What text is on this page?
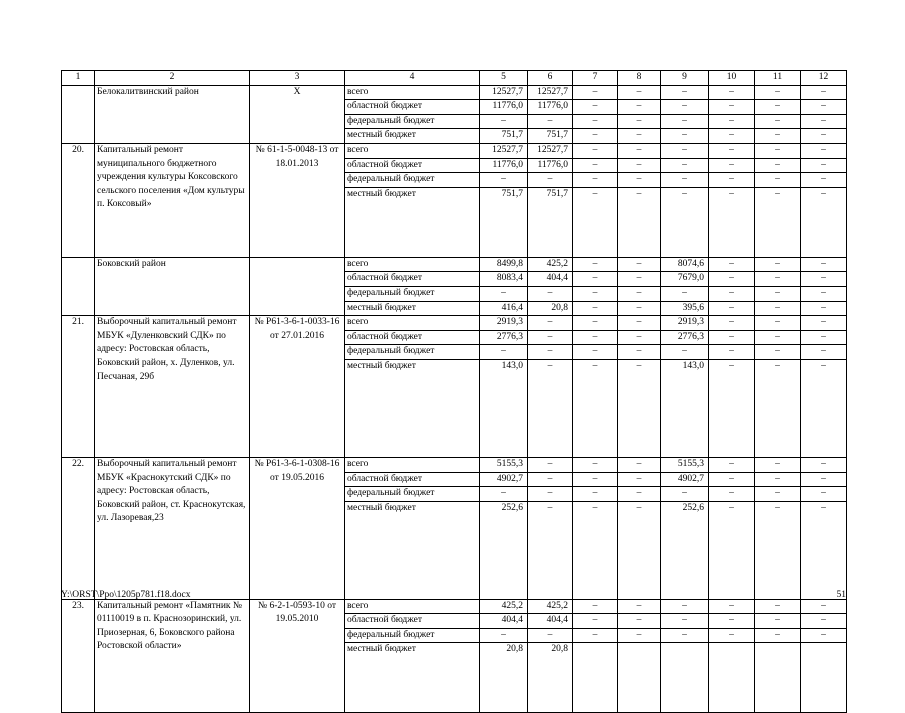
1	2	3	4	5	6	7	8	9	10	11	12
	Белокалитвинский район	Х	всего	12527,7	12527,7	–	–	–	–	–	–
			областной бюджет	11776,0	11776,0	–	–	–	–	–	–
			федеральный бюджет	–	–	–	–	–	–	–	–
			местный бюджет	751,7	751,7	–	–	–	–	–	–
20.	Капитальный ремонт муниципального бюджетного учреждения культуры Коксовского сельского поселения «Дом культуры п. Коксовый»	№ 61-1-5-0048-13 от 18.01.2013	всего	12527,7	12527,7	–	–	–	–	–	–
			областной бюджет	11776,0	11776,0	–	–	–	–	–	–
			федеральный бюджет	–	–	–	–	–	–	–	–
			местный бюджет	751,7	751,7	–	–	–	–	–	–
	Боковский район		всего	8499,8	425,2	–	–	8074,6	–	–	–
			областной бюджет	8083,4	404,4	–	–	7679,0	–	–	–
			федеральный бюджет	–	–	–	–	–	–	–	–
			местный бюджет	416,4	20,8	–	–	395,6	–	–	–
21.	Выборочный капитальный ремонт МБУК «Дуленковский СДК» по адресу: Ростовская область, Боковский район, х. Дуленков, ул. Песчаная, 29б	№ Р61-3-6-1-0033-16 от 27.01.2016	всего	2919,3	–	–	–	2919,3	–	–	–
			областной бюджет	2776,3	–	–	–	2776,3	–	–	–
			федеральный бюджет	–	–	–	–	–	–	–	–
			местный бюджет	143,0	–	–	–	143,0	–	–	–
22.	Выборочный капитальный ремонт МБУК «Краснокутский СДК» по адресу: Ростовская область, Боковский район, ст. Краснокутская, ул. Лазоревая,23	№ Р61-3-6-1-0308-16 от 19.05.2016	всего	5155,3	–	–	–	5155,3	–	–	–
			областной бюджет	4902,7	–	–	–	4902,7	–	–	–
			федеральный бюджет	–	–	–	–	–	–	–	–
			местный бюджет	252,6	–	–	–	252,6	–	–	–
23.	Капитальный ремонт «Памятник № 01110019 в п. Краснозоринский, ул. Приозерная, 6, Боковского района Ростовской области»	№ 6-2-1-0593-10 от 19.05.2010	всего	425,2	425,2	–	–	–	–	–	–
			областной бюджет	404,4	404,4	–	–	–	–	–	–
			федеральный бюджет	–	–	–	–	–	–	–	–
			местный бюджет	20,8	20,8						
Y:\ORST\Ppo\1205p781.f18.docx	51
